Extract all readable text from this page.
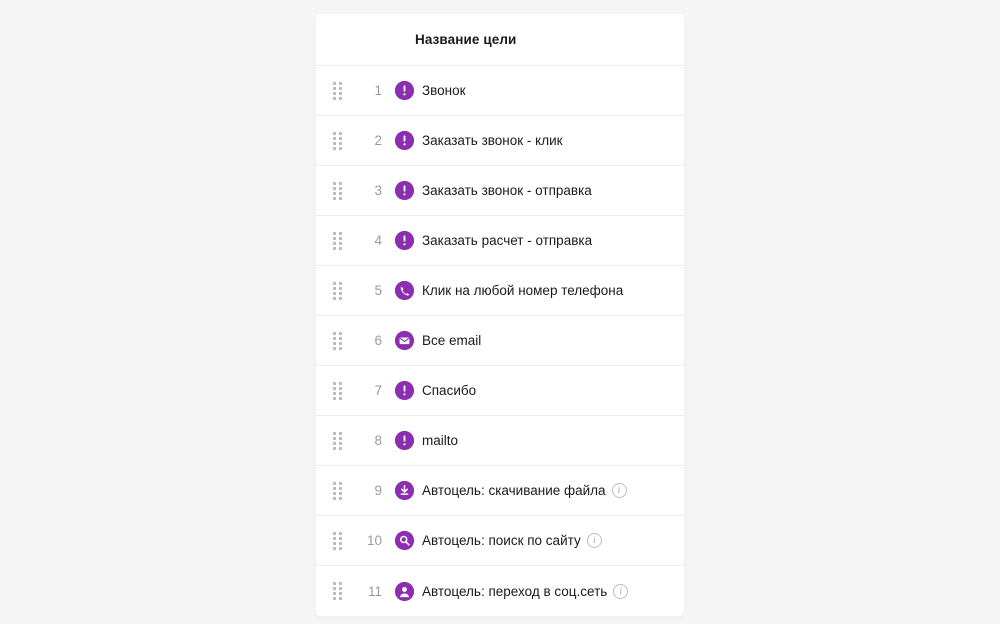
Название цели
1	Звонок
2	Заказать звонок - клик
3	Заказать звонок - отправка
4	Заказать расчет - отправка
5	Клик на любой номер телефона
6	Все email
7	Спасибо
8	mailto
9	Автоцель: скачивание файла	i
10	Автоцель: поиск по сайту	i
11	Автоцель: переход в соц.сеть	i
